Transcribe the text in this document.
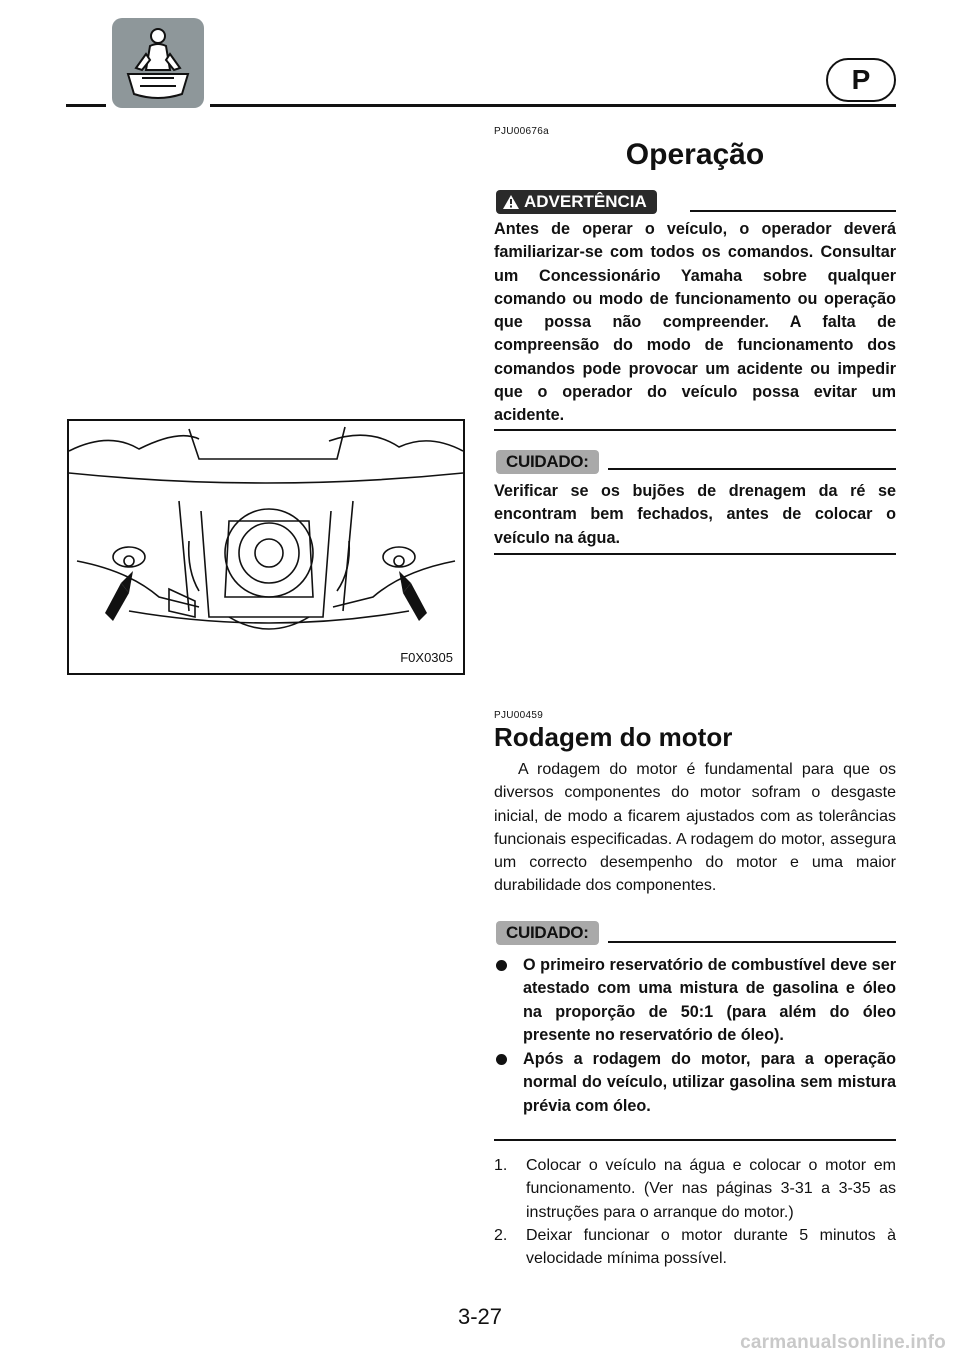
P
PJU00676a
Operação
ADVERTÊNCIA

Antes de operar o veículo, o operador deverá familiarizar-se com todos os comandos. Consultar um Concessionário Yamaha sobre qualquer comando ou modo de funcionamento ou operação que possa não compreender. A falta de compreensão do modo de funcionamento dos comandos pode provocar um acidente ou impedir que o operador do veículo possa evitar um acidente.

CUIDADO:

Verificar se os bujões de drenagem da ré se encontram bem fechados, antes de colocar o veículo na água.

F0X0305
PJU00459
Rodagem do motor

A rodagem do motor é fundamental para que os diversos componentes do motor sofram o desgaste inicial, de modo a ficarem ajustados com as tolerâncias funcionais especificadas. A rodagem do motor, assegura um correcto desempenho do motor e uma maior durabilidade dos componentes.

CUIDADO:
O primeiro reservatório de combustível deve ser atestado com uma mistura de gasolina e óleo na proporção de 50:1 (para além do óleo presente no reservatório de óleo).
Após a rodagem do motor, para a operação normal do veículo, utilizar gasolina sem mistura prévia com óleo.
1. Colocar o veículo na água e colocar o motor em funcionamento. (Ver nas páginas 3-31 a 3-35 as instruções para o arranque do motor.)
2. Deixar funcionar o motor durante 5 minutos à velocidade mínima possível.
3-27
carmanualsonline.info
